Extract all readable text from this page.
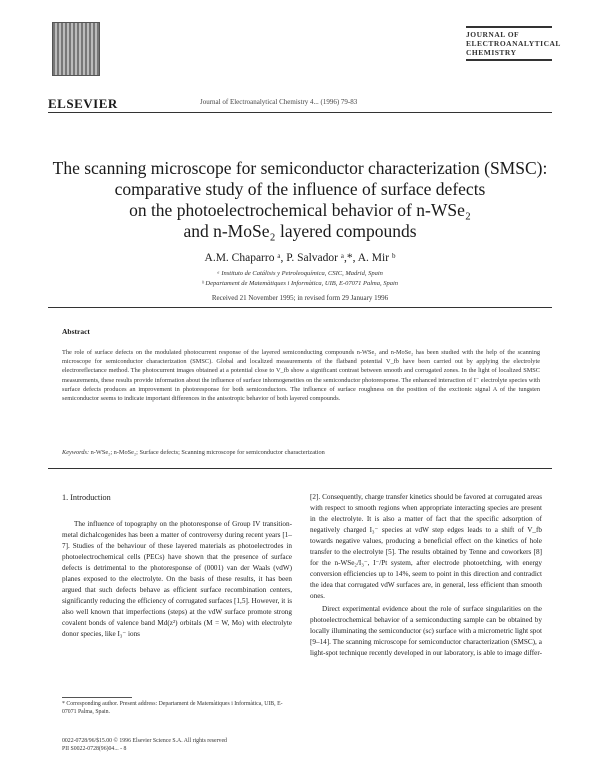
ELSEVIER	Journal of Electroanalytical Chemistry 4... (1996) 79-83
JOURNAL OF
ELECTROANALYTICAL
CHEMISTRY
The scanning microscope for semiconductor characterization (SMSC):
comparative study of the influence of surface defects
on the photoelectrochemical behavior of n-WSe₂
and n-MoSe₂ layered compounds
A.M. Chaparro ᵃ, P. Salvador ᵃ,*, A. Mir ᵇ
ᵃ Instituto de Catálisis y Petroleoquímica, CSIC, Madrid, Spain
ᵇ Departament de Matemàtiques i Informàtica, UIB, E-07071 Palma, Spain
Received 21 November 1995; in revised form 29 January 1996
Abstract
The role of surface defects on the modulated photocurrent response of the layered semiconducting compounds n-WSe₂ and n-MoSe₂ has been studied with the help of the scanning microscope for semiconductor characterization (SMSC). Global and localized measurements of the flatband potential V_fb have been carried out by applying the electrolyte electroreflectance method. The photocurrent images obtained at a potential close to V_fb show a significant contrast between smooth and corrugated zones. In the light of localized SMSC measurements, these results provide information about the influence of surface inhomogeneities on the semiconductor photoresponse. The enhanced interaction of I⁻ electrolyte species with surface defects produces an improvement in photoresponse for both semiconductors. The influence of surface roughness on the position of the excitonic signal A of the tungsten semiconductor seems to indicate important differences in the anisotropic behavior of both layered compounds.
Keywords: n-WSe₂; n-MoSe₂; Surface defects; Scanning microscope for semiconductor characterization
1. Introduction

The influence of topography on the photoresponse of Group IV transition-metal dichalcogenides has been a matter of controversy during recent years [1–7]. Studies of the behaviour of these layered materials as photoelectrodes in photoelectrochemical cells (PECs) have shown that the presence of surface defects is detrimental to the photoresponse of (0001) van der Waals (vdW) planes exposed to the electrolyte. On the basis of these results, it has been argued that such defects behave as efficient surface recombination centers, significantly reducing the efficiency of corrugated surfaces [1,5]. However, it is also well known that imperfections (steps) at the vdW surface promote strong covalent bonds of valence band Md(z²) orbitals (M = W, Mo) with electrolyte donor species, like I₃⁻ ions

* Corresponding author. Present address: Departament de Matemàtiques i Informàtica, UIB, E-07071 Palma, Spain.
0022-0728/96/$15.00 © 1996 Elsevier Science S.A. All rights reserved
PII S0022-0728(96)04... - 8

[2]. Consequently, charge transfer kinetics should be favored at corrugated areas with respect to smooth regions when appropriate interacting species are present in the electrolyte. It is also a matter of fact that the specific adsorption of negatively charged I₃⁻ species at vdW step edges leads to a shift of V_fb towards negative values, producing a beneficial effect on the kinetics of hole transfer to the electrolyte [5]. The results obtained by Tenne and coworkers [8] for the n-WSe₂/I₃⁻, I⁻/Pt system, after electrode photoetching, with energy conversion efficiencies up to 14%, seem to point in this direction and contradict the idea that corrugated vdW surfaces are, in general, less efficient than smooth ones.

Direct experimental evidence about the role of surface singularities on the photoelectrochemical behavior of a semiconducting sample can be obtained by locally illuminating the semiconductor (sc) surface with a micrometric light spot [9–14]. The scanning microscope for semiconductor characterization (SMSC), a light-spot technique recently developed in our laboratory, is able to image differ-
